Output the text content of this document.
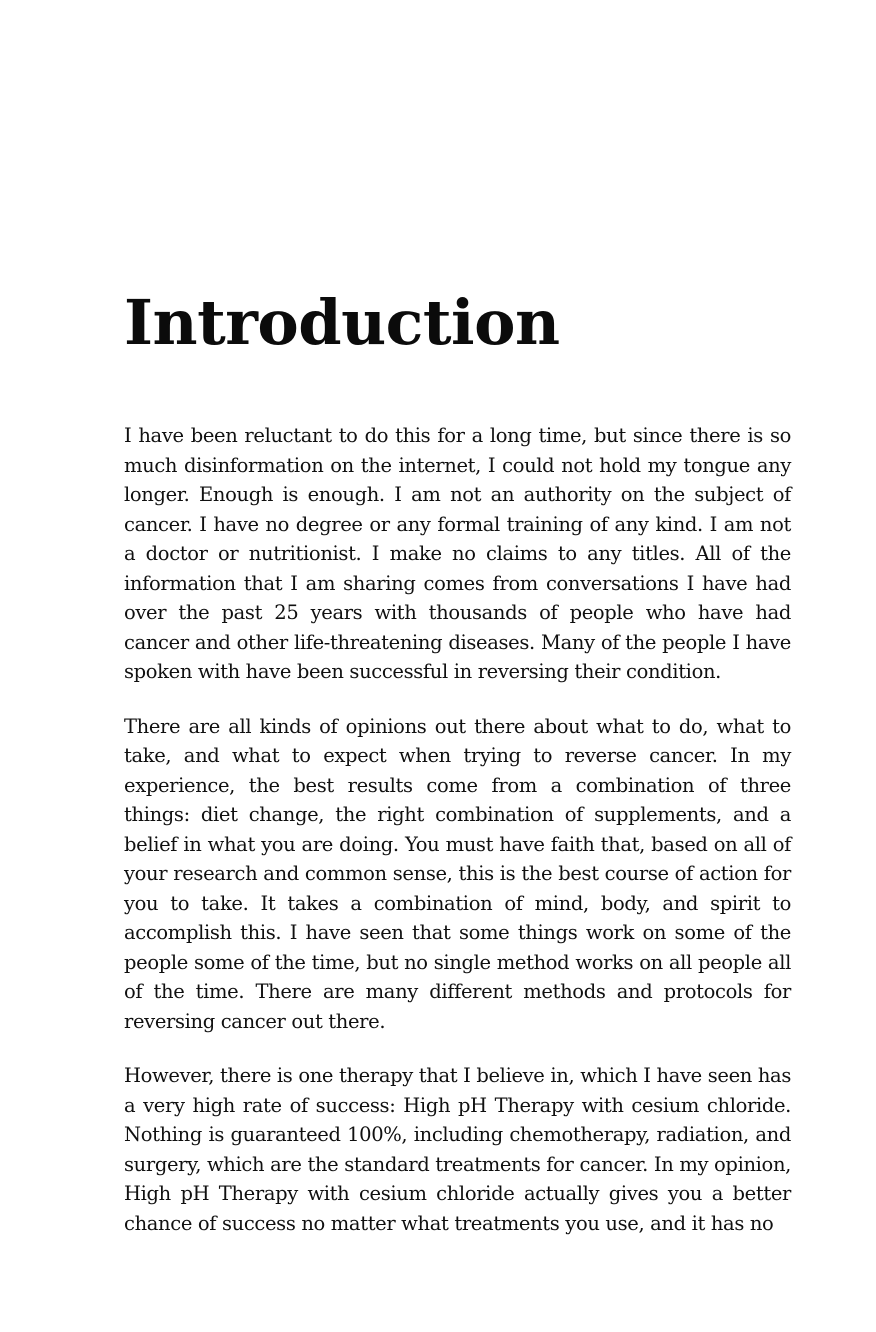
Introduction

I have been reluctant to do this for a long time, but since there is so much disinformation on the internet, I could not hold my tongue any longer. Enough is enough. I am not an authority on the subject of cancer. I have no degree or any formal training of any kind. I am not a doctor or nutritionist. I make no claims to any titles. All of the information that I am sharing comes from conversations I have had over the past 25 years with thousands of people who have had cancer and other life-threatening diseases. Many of the people I have spoken with have been successful in reversing their condition.

There are all kinds of opinions out there about what to do, what to take, and what to expect when trying to reverse cancer. In my experience, the best results come from a combination of three things: diet change, the right combination of supplements, and a belief in what you are doing. You must have faith that, based on all of your research and common sense, this is the best course of action for you to take. It takes a combination of mind, body, and spirit to accomplish this. I have seen that some things work on some of the people some of the time, but no single method works on all people all of the time. There are many different methods and protocols for reversing cancer out there.

However, there is one therapy that I believe in, which I have seen has a very high rate of success: High pH Therapy with cesium chloride. Nothing is guaranteed 100%, including chemotherapy, radiation, and surgery, which are the standard treatments for cancer. In my opinion, High pH Therapy with cesium chloride actually gives you a better chance of success no matter what treatments you use, and it has no
